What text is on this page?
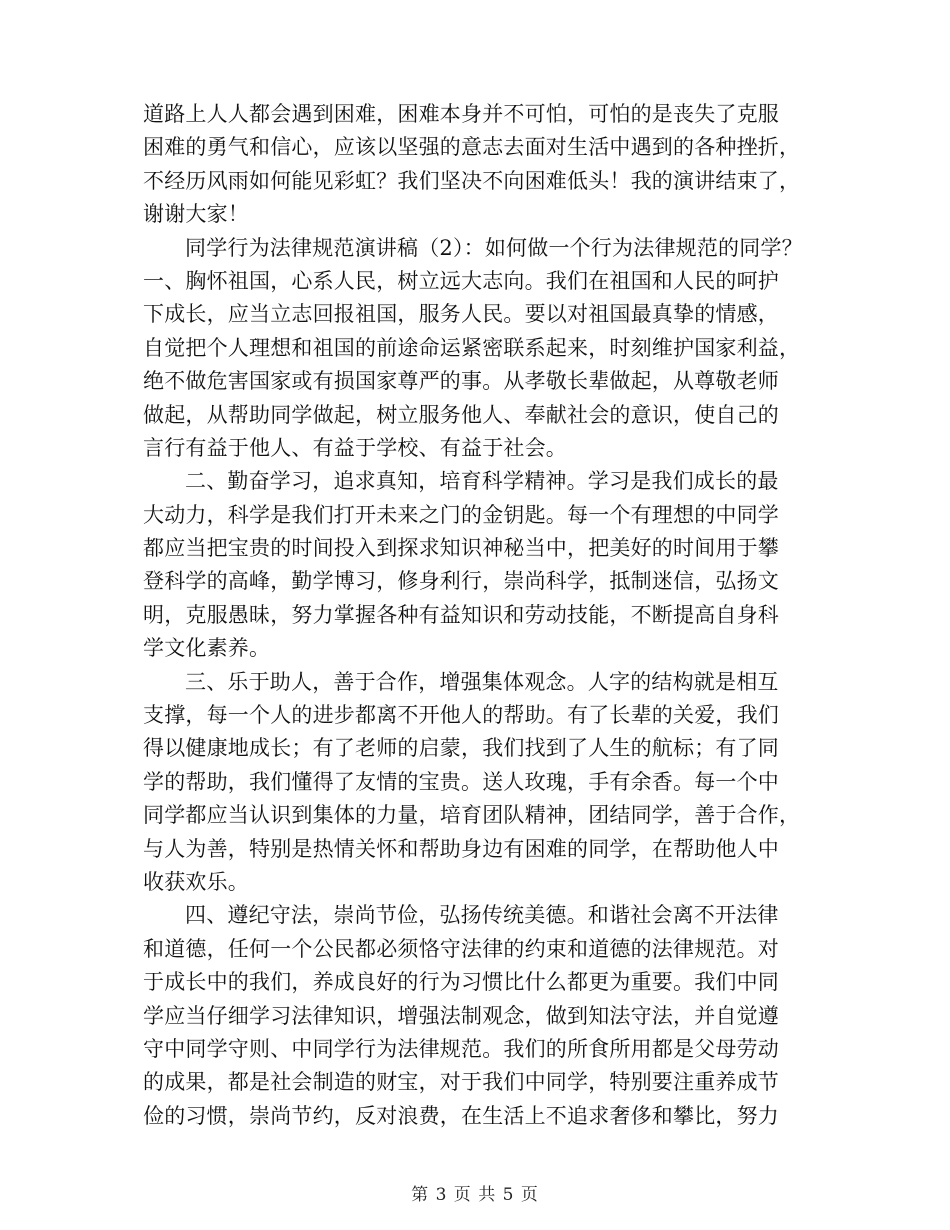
道路上人人都会遇到困难，困难本身并不可怕，可怕的是丧失了克服
困难的勇气和信心，应该以坚强的意志去面对生活中遇到的各种挫折，
不经历风雨如何能见彩虹？我们坚决不向困难低头！我的演讲结束了，
谢谢大家！
同学行为法律规范演讲稿（2）：如何做一个行为法律规范的同学？
一、胸怀祖国，心系人民，树立远大志向。我们在祖国和人民的呵护
下成长，应当立志回报祖国，服务人民。要以对祖国最真挚的情感，
自觉把个人理想和祖国的前途命运紧密联系起来，时刻维护国家利益，
绝不做危害国家或有损国家尊严的事。从孝敬长辈做起，从尊敬老师
做起，从帮助同学做起，树立服务他人、奉献社会的意识，使自己的
言行有益于他人、有益于学校、有益于社会。
二、勤奋学习，追求真知，培育科学精神。学习是我们成长的最
大动力，科学是我们打开未来之门的金钥匙。每一个有理想的中同学
都应当把宝贵的时间投入到探求知识神秘当中，把美好的时间用于攀
登科学的高峰，勤学博习，修身利行，崇尚科学，抵制迷信，弘扬文
明，克服愚昧，努力掌握各种有益知识和劳动技能，不断提高自身科
学文化素养。
三、乐于助人，善于合作，增强集体观念。人字的结构就是相互
支撑，每一个人的进步都离不开他人的帮助。有了长辈的关爱，我们
得以健康地成长；有了老师的启蒙，我们找到了人生的航标；有了同
学的帮助，我们懂得了友情的宝贵。送人玫瑰，手有余香。每一个中
同学都应当认识到集体的力量，培育团队精神，团结同学，善于合作，
与人为善，特别是热情关怀和帮助身边有困难的同学，在帮助他人中
收获欢乐。
四、遵纪守法，崇尚节俭，弘扬传统美德。和谐社会离不开法律
和道德，任何一个公民都必须恪守法律的约束和道德的法律规范。对
于成长中的我们，养成良好的行为习惯比什么都更为重要。我们中同
学应当仔细学习法律知识，增强法制观念，做到知法守法，并自觉遵
守中同学守则、中同学行为法律规范。我们的所食所用都是父母劳动
的成果，都是社会制造的财宝，对于我们中同学，特别要注重养成节
俭的习惯，崇尚节约，反对浪费，在生活上不追求奢侈和攀比，努力
第 3 页 共 5 页
